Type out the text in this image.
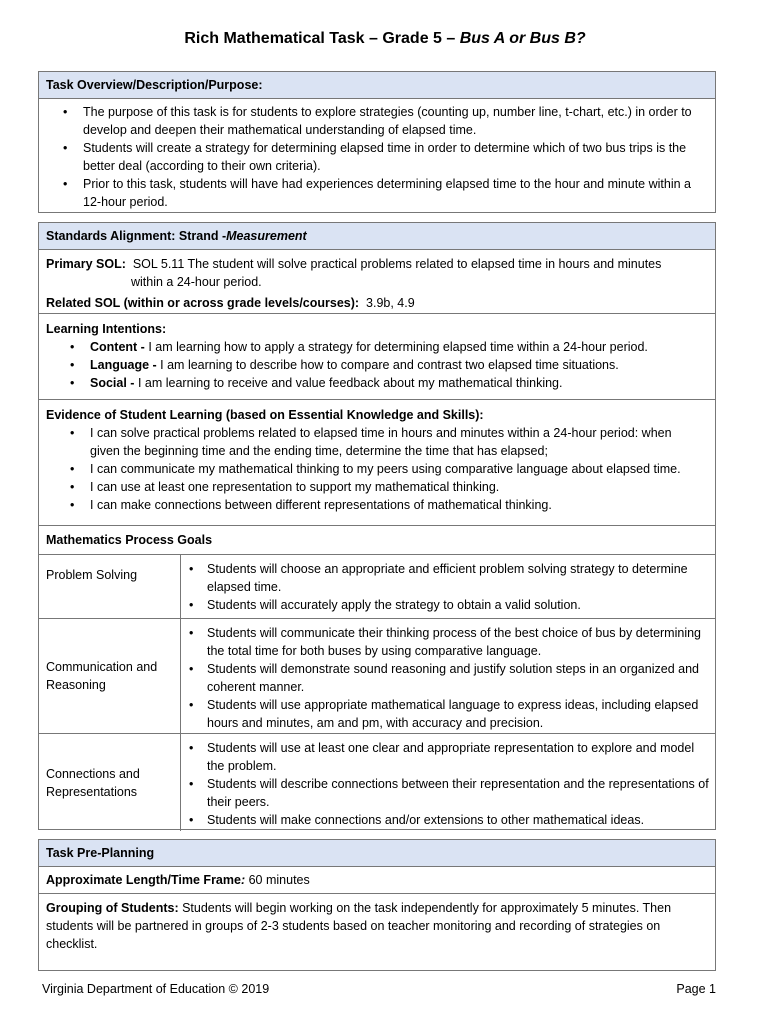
Rich Mathematical Task – Grade 5 – Bus A or Bus B?
Task Overview/Description/Purpose:
• The purpose of this task is for students to explore strategies (counting up, number line, t-chart, etc.) in order to develop and deepen their mathematical understanding of elapsed time.
• Students will create a strategy for determining elapsed time in order to determine which of two bus trips is the better deal (according to their own criteria).
• Prior to this task, students will have had experiences determining elapsed time to the hour and minute within a 12-hour period.
Standards Alignment: Strand - Measurement
Primary SOL: SOL 5.11 The student will solve practical problems related to elapsed time in hours and minutes
within a 24-hour period.
Related SOL (within or across grade levels/courses): 3.9b, 4.9
Learning Intentions:
• Content - I am learning how to apply a strategy for determining elapsed time within a 24-hour period.
• Language - I am learning to describe how to compare and contrast two elapsed time situations.
• Social - I am learning to receive and value feedback about my mathematical thinking.
Evidence of Student Learning (based on Essential Knowledge and Skills):
• I can solve practical problems related to elapsed time in hours and minutes within a 24-hour period: when given the beginning time and the ending time, determine the time that has elapsed;
• I can communicate my mathematical thinking to my peers using comparative language about elapsed time.
• I can use at least one representation to support my mathematical thinking.
• I can make connections between different representations of mathematical thinking.
Mathematics Process Goals
Problem Solving
•	Students will choose an appropriate and efficient problem solving strategy to determine elapsed time.
• Students will accurately apply the strategy to obtain a valid solution.
Communication and Reasoning
• Students will communicate their thinking process of the best choice of bus by determining the total time for both buses by using comparative language.
• Students will demonstrate sound reasoning and justify solution steps in an organized and coherent manner.
• Students will use appropriate mathematical language to express ideas, including elapsed hours and minutes, am and pm, with accuracy and precision.
Connections and Representations
• Students will use at least one clear and appropriate representation to explore and model the problem.
• Students will describe connections between their representation and the representations of their peers.
• Students will make connections and/or extensions to other mathematical ideas.
Task Pre-Planning
Approximate Length/Time Frame: 60 minutes
Grouping of Students: Students will begin working on the task independently for approximately 5 minutes. Then students will be partnered in groups of 2-3 students based on teacher monitoring and recording of strategies on checklist.
Virginia Department of Education © 2019	Page 1
